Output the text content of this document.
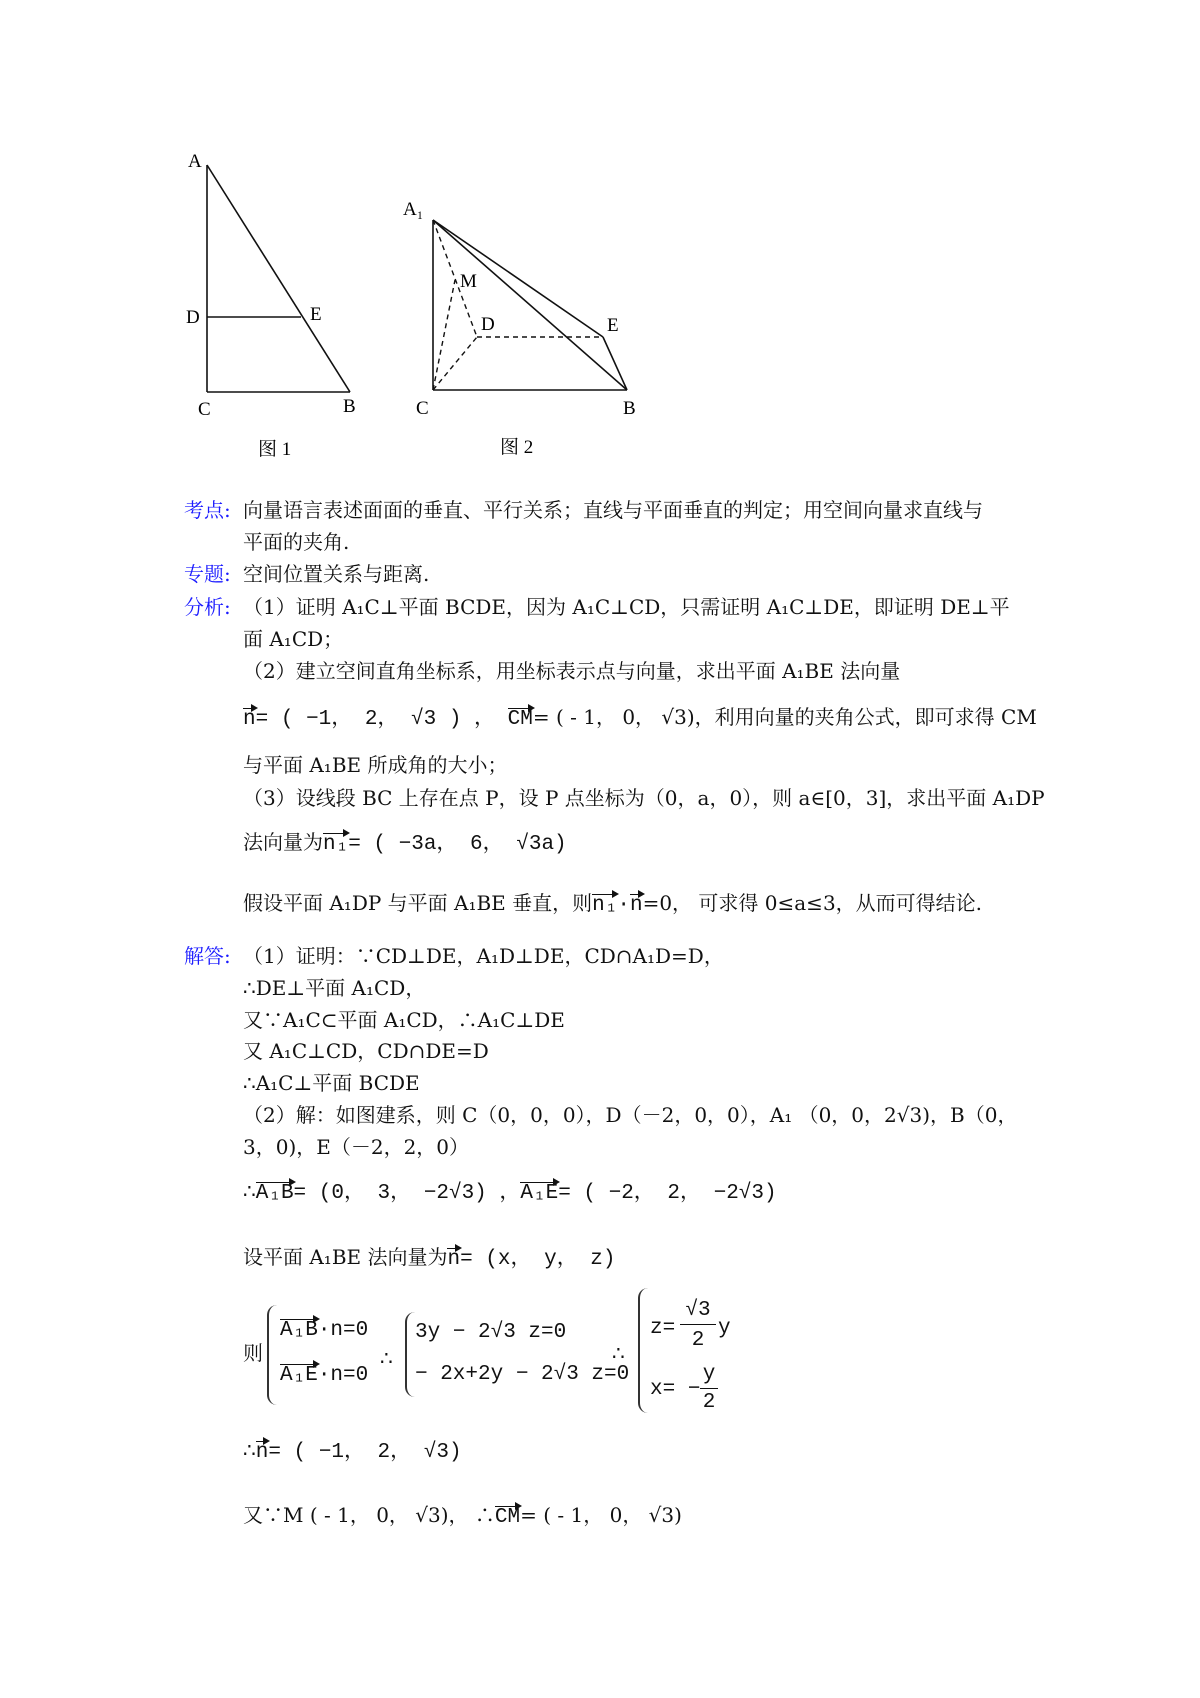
A
D	E
C	B
图 1
A₁
M
D	E
C	B
图 2
考点: 向量语言表述面面的垂直、平行关系；直线与平面垂直的判定；用空间向量求直线与
平面的夹角.
专题: 空间位置关系与距离.
分析: （1）证明 A₁C⊥平面 BCDE，因为 A₁C⊥CD，只需证明 A₁C⊥DE，即证明 DE⊥平
面 A₁CD；
（2）建立空间直角坐标系，用坐标表示点与向量，求出平面 A₁BE 法向量
n= ( −1， 2， √3 ) ， CM= ( - 1， 0， √3)，利用向量的夹角公式，即可求得 CM
与平面 A₁BE 所成角的大小；
（3）设线段 BC 上存在点 P，设 P 点坐标为（0，a，0），则 a∈[0，3]，求出平面 A₁DP
法向量为n₁= ( −3a， 6， √3a)
假设平面 A₁DP 与平面 A₁BE 垂直，则n₁·n=0， 可求得 0≤a≤3，从而可得结论.
解答: （1）证明：∵CD⊥DE，A₁D⊥DE，CD∩A₁D=D，
∴DE⊥平面 A₁CD，
又∵A₁C⊂平面 A₁CD，∴A₁C⊥DE
又 A₁C⊥CD，CD∩DE=D
∴A₁C⊥平面 BCDE
（2）解：如图建系，则 C（0，0，0），D（－2，0，0），A₁ （0，0，2√3)，B（0，
3，0)，E（－2，2，0）
∴A₁B= (0， 3， −2√3) ，A₁E= ( −2， 2， −2√3)
设平面 A₁BE 法向量为n= (x， y， z)
则
A₁B·n=0
A₁E·n=0
∴
3y − 2√3 z=0
− 2x+2y − 2√3 z=0
∴
z=
√3
2
y
x= −
y
2
∴n= ( −1， 2， √3)
又∵M ( - 1， 0， √3)， ∴CM= ( - 1， 0， √3)
